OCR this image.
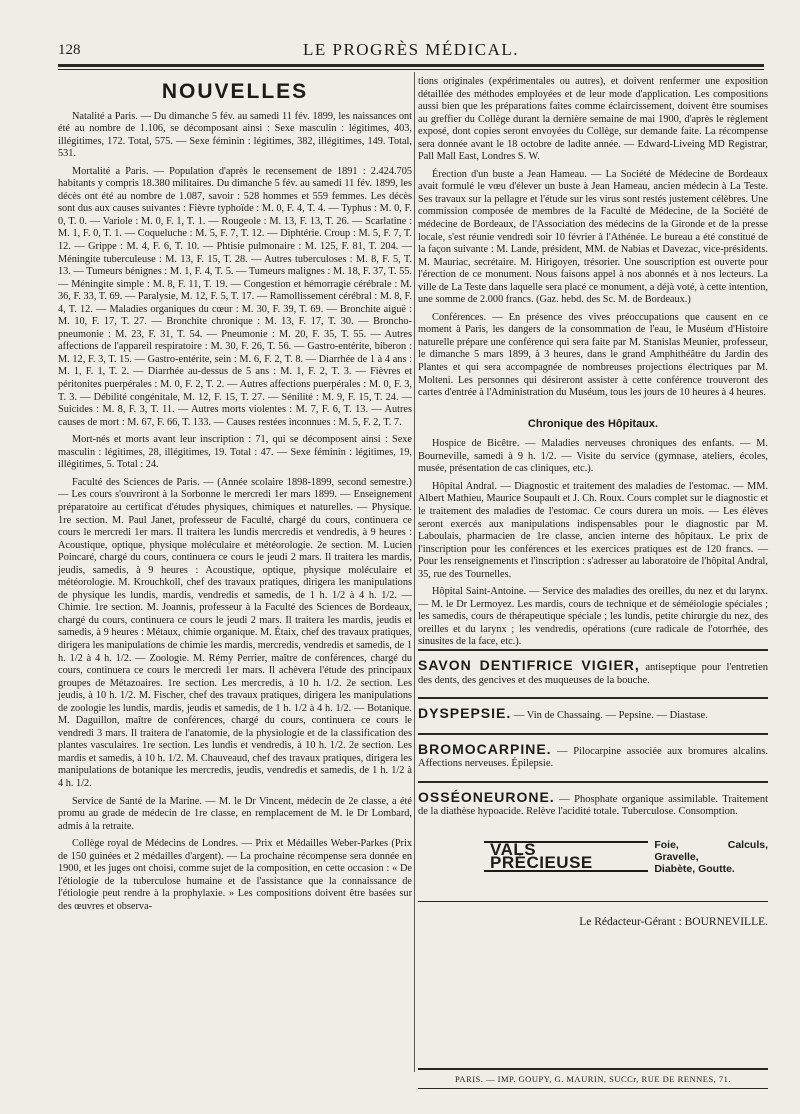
128	LE PROGRÈS MÉDICAL.
NOUVELLES

Natalité a Paris. — Du dimanche 5 fév. au samedi 11 fév. 1899, les naissances ont été au nombre de 1.106, se décomposant ainsi : Sexe masculin : légitimes, 403, illégitimes, 172. Total, 575. — Sexe féminin : légitimes, 382, illégitimes, 149. Total, 531.

Mortalité a Paris. — Population d'après le recensement de 1891 : 2.424.705 habitants y compris 18.380 militaires. Du dimanche 5 fév. au samedi 11 fév. 1899, les décès ont été au nombre de 1.087, savoir : 528 hommes et 559 femmes. Les décès sont dus aux causes suivantes : Fièvre typhoïde : M. 0, F. 4, T. 4. — Typhus : M. 0, F. 0, T. 0. — Variole : M. 0, F. 1, T. 1. — Rougeole : M. 13, F. 13, T. 26. — Scarlatine : M. 1, F. 0, T. 1. — Coqueluche : M. 5, F. 7, T. 12. — Diphtérie. Croup : M. 5, F. 7, T. 12. — Grippe : M. 4, F. 6, T. 10. — Phtisie pulmonaire : M. 125, F. 81, T. 204. — Méningite tuberculeuse : M. 13, F. 15, T. 28. — Autres tuberculoses : M. 8, F. 5, T. 13. — Tumeurs bénignes : M. 1, F. 4, T. 5. — Tumeurs malignes : M. 18, F. 37, T. 55. — Méningite simple : M. 8, F. 11, T. 19. — Congestion et hémorragie cérébrale : M. 36, F. 33, T. 69. — Paralysie, M. 12, F. 5, T. 17. — Ramollissement cérébral : M. 8, F. 4, T. 12. — Maladies organiques du cœur : M. 30, F. 39, T. 69. — Bronchite aiguë : M. 10, F. 17, T. 27. — Bronchite chronique : M. 13, F. 17, T. 30. — Broncho-pneumonie : M. 23, F. 31, T. 54. — Pneumonie : M. 20, F. 35, T. 55. — Autres affections de l'appareil respiratoire : M. 30, F. 26, T. 56. — Gastro-entérite, biberon : M. 12, F. 3, T. 15. — Gastro-entérite, sein : M. 6, F. 2, T. 8. — Diarrhée de 1 à 4 ans : M. 1, F. 1, T. 2. — Diarrhée au-dessus de 5 ans : M. 1, F. 2, T. 3. — Fièvres et péritonites puerpérales : M. 0, F. 2, T. 2. — Autres affections puerpérales : M. 0, F. 3, T. 3. — Débilité congénitale, M. 12, F. 15, T. 27. — Sénilité : M. 9, F. 15, T. 24. — Suicides : M. 8, F. 3, T. 11. — Autres morts violentes : M. 7, F. 6, T. 13. — Autres causes de mort : M. 67, F. 66, T. 133. — Causes restées inconnues : M. 5, F. 2, T. 7.

Mort-nés et morts avant leur inscription : 71, qui se décomposent ainsi : Sexe masculin : légitimes, 28, illégitimes, 19. Total : 47. — Sexe féminin : légitimes, 19, illégitimes, 5. Total : 24.

Faculté des Sciences de Paris. — (Année scolaire 1898-1899, second semestre.) — Les cours s'ouvriront à la Sorbonne le mercredi 1er mars 1899. — Enseignement préparatoire au certificat d'études physiques, chimiques et naturelles. — Physique. 1re section. M. Paul Janet, professeur de Faculté, chargé du cours, continuera ce cours le mercredi 1er mars. Il traitera les lundis mercredis et vendredis, à 9 heures : Acoustique, optique, physique moléculaire et météorologie. 2e section. M. Lucien Poincaré, chargé du cours, continuera ce cours le jeudi 2 mars. Il traitera les mardis, jeudis, samedis, à 9 heures : Acoustique, optique, physique moléculaire et météorologie. M. Krouchkoll, chef des travaux pratiques, dirigera les manipulations de physique les lundis, mardis, vendredis et samedis, de 1 h. 1/2 à 4 h. 1/2. — Chimie. 1re section. M. Joannis, professeur à la Faculté des Sciences de Bordeaux, chargé du cours, continuera ce cours le jeudi 2 mars. Il traitera les mardis, jeudis et samedis, à 9 heures : Métaux, chimie organique. M. Étaix, chef des travaux pratiques, dirigera les manipulations de chimie les mardis, mercredis, vendredis et samedis, de 1 h. 1/2 à 4 h. 1/2. — Zoologie. M. Rémy Perrier, maître de conférences, chargé du cours, continuera ce cours le mercredi 1er mars. Il achèvera l'étude des principaux groupes de Métazoaires. 1re section. Les mercredis, à 10 h. 1/2. 2e section. Les jeudis, à 10 h. 1/2. M. Fischer, chef des travaux pratiques, dirigera les manipulations de zoologie les lundis, mardis, jeudis et samedis, de 1 h. 1/2 à 4 h. 1/2. — Botanique. M. Daguillon, maître de conférences, chargé du cours, continuera ce cours le vendredi 3 mars. Il traitera de l'anatomie, de la physiologie et de la classification des plantes vasculaires. 1re section. Les lundis et vendredis, à 10 h. 1/2. 2e section. Les mardis et samedis, à 10 h. 1/2. M. Chauveaud, chef des travaux pratiques, dirigera les manipulations de botanique les mercredis, jeudis, vendredis et samedis, de 1 h. 1/2 à 4 h. 1/2.

Service de Santé de la Marine. — M. le Dr Vincent, médecin de 2e classe, a été promu au grade de médecin de 1re classe, en remplacement de M. le Dr Lombard, admis à la retraite.

Collège royal de Médecins de Londres. — Prix et Médailles Weber-Parkes (Prix de 150 guinées et 2 médailles d'argent). — La prochaine récompense sera donnée en 1900, et les juges ont choisi, comme sujet de la composition, en cette occasion : « De l'étiologie de la tuberculose humaine et de l'assistance que la connaissance de l'étiologie peut rendre à la prophylaxie. » Les compositions doivent être basées sur des œuvres et observa-

tions originales (expérimentales ou autres), et doivent renfermer une exposition détaillée des méthodes employées et de leur mode d'application. Les compositions aussi bien que les préparations faites comme éclaircissement, doivent être soumises au greffier du Collège durant la dernière semaine de mai 1900, d'après le règlement exposé, dont copies seront envoyées du Collège, sur demande faite. La récompense sera donnée avant le 18 octobre de ladite année. — Edward-Liveing MD Registrar, Pall Mall East, Londres S. W.

Érection d'un buste a Jean Hameau. — La Société de Médecine de Bordeaux avait formulé le vœu d'élever un buste à Jean Hameau, ancien médecin à La Teste. Ses travaux sur la pellagre et l'étude sur les virus sont restés justement célèbres. Une commission composée de membres de la Faculté de Médecine, de la Société de médecine de Bordeaux, de l'Association des médecins de la Gironde et de la presse locale, s'est réunie vendredi soir 10 février à l'Athénée. Le bureau a été constitué de la façon suivante : M. Lande, président, MM. de Nabias et Davezac, vice-présidents. M. Mauriac, secrétaire. M. Hirigoyen, trésorier. Une souscription est ouverte pour l'érection de ce monument. Nous faisons appel à nos abonnés et à nos lecteurs. La ville de La Teste dans laquelle sera placé ce monument, a déjà voté, à cette intention, une somme de 2.000 francs. (Gaz. hebd. des Sc. M. de Bordeaux.)

Conférences. — En présence des vives préoccupations que causent en ce moment à Paris, les dangers de la consommation de l'eau, le Muséum d'Histoire naturelle prépare une conférence qui sera faite par M. Stanislas Meunier, professeur, le dimanche 5 mars 1899, à 3 heures, dans le grand Amphithéâtre du Jardin des Plantes et qui sera accompagnée de nombreuses projections électriques par M. Molteni. Les personnes qui désireront assister à cette conférence trouveront des cartes d'entrée à l'Administration du Muséum, tous les jours de 10 heures à 4 heures.

Chronique des Hôpitaux.

Hospice de Bicêtre. — Maladies nerveuses chroniques des enfants. — M. Bourneville, samedi à 9 h. 1/2. — Visite du service (gymnase, ateliers, écoles, musée, présentation de cas cliniques, etc.).

Hôpital Andral. — Diagnostic et traitement des maladies de l'estomac. — MM. Albert Mathieu, Maurice Soupault et J. Ch. Roux. Cours complet sur le diagnostic et le traitement des maladies de l'estomac. Ce cours durera un mois. — Les élèves seront exercés aux manipulations indispensables pour le diagnostic par M. Laboulais, pharmacien de 1re classe, ancien interne des hôpitaux. Le prix de l'inscription pour les conférences et les exercices pratiques est de 120 francs. — Pour les renseignements et l'inscription : s'adresser au laboratoire de l'hôpital Andral, 35, rue des Tournelles.

Hôpital Saint-Antoine. — Service des maladies des oreilles, du nez et du larynx. — M. le Dr Lermoyez. Les mardis, cours de technique et de séméiologie spéciales ; les samedis, cours de thérapeutique spéciale ; les lundis, petite chirurgie du nez, des oreilles et du larynx ; les vendredis, opérations (cure radicale de l'otorrhée, des sinusites de la face, etc.).

SAVON DENTIFRICE VIGIER, antiseptique pour l'entretien des dents, des gencives et des muqueuses de la bouche.
DYSPEPSIE. — Vin de Chassaing. — Pepsine. — Diastase.
BROMOCARPINE. — Pilocarpine associée aux bromures alcalins. Affections nerveuses. Épilepsie.
OSSÉONEURONE. — Phosphate organique assimilable. Traitement de la diathèse hypoacide. Relève l'acidité totale. Tuberculose. Consomption.
VALS PRÉCIEUSE
Foie, Calculs, Gravelle,
Diabète, Goutte.
Le Rédacteur-Gérant : BOURNEVILLE.
PARIS. — IMP. GOUPY, G. MAURIN, SUCCr, RUE DE RENNES, 71.
